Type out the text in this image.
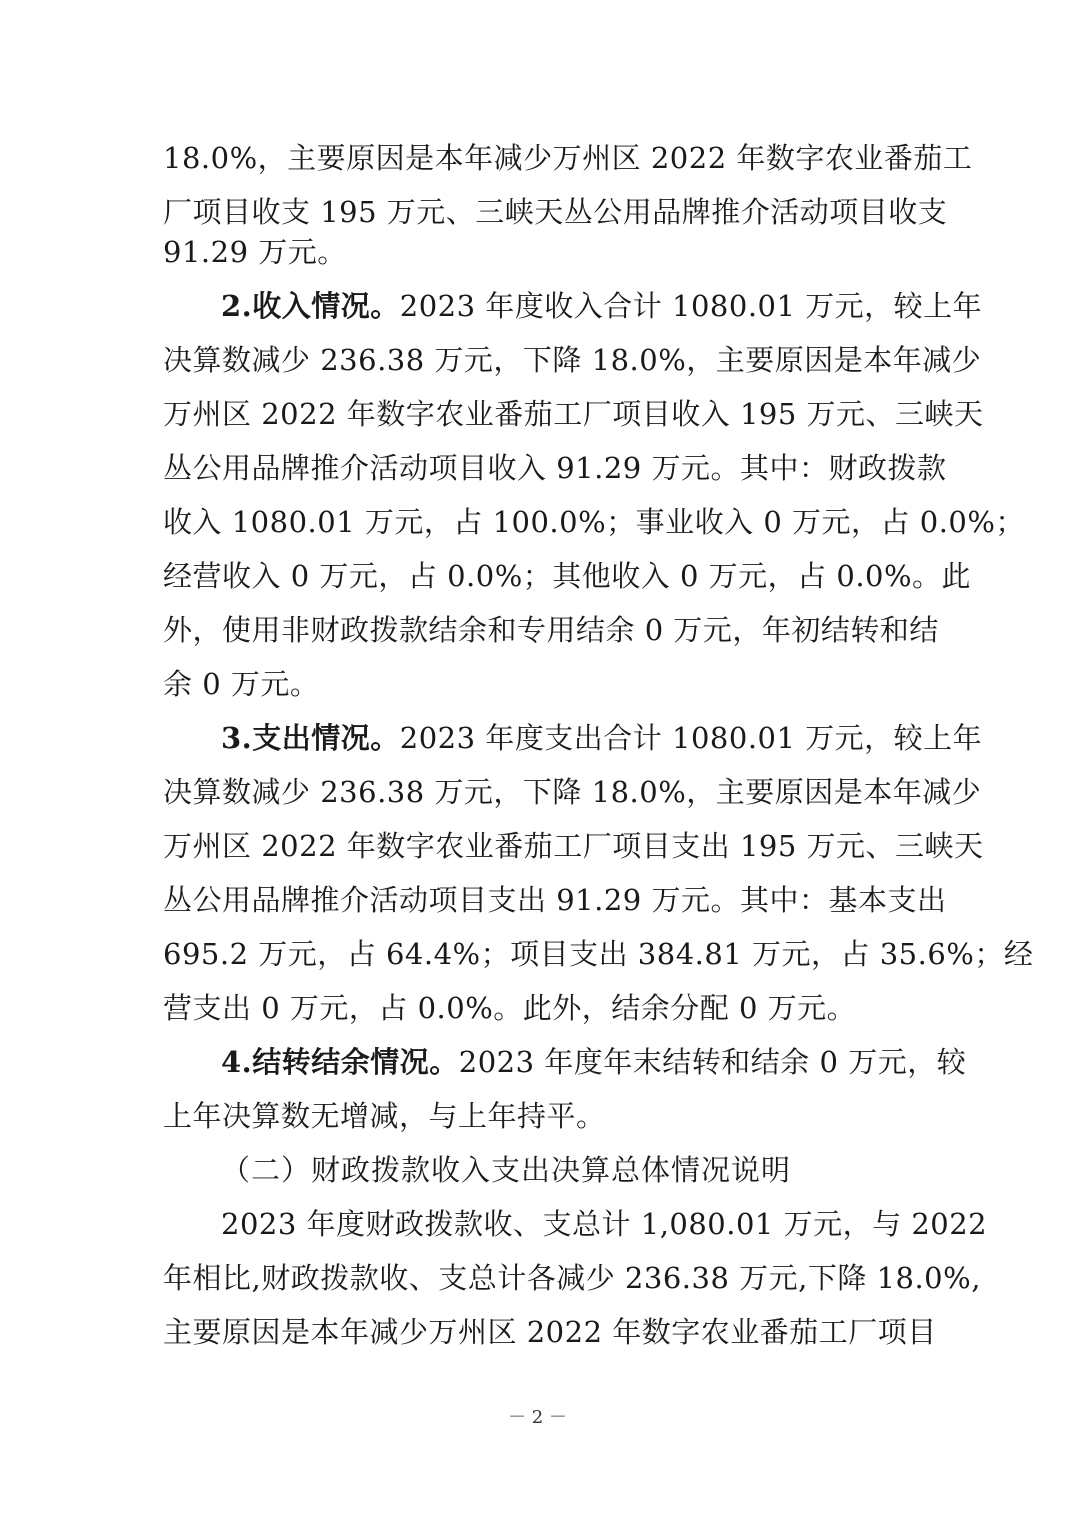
18.0%，主要原因是本年减少万州区 2022 年数字农业番茄工
厂项目收支 195 万元、三峡天丛公用品牌推介活动项目收支
91.29 万元。
2.收入情况。2023 年度收入合计 1080.01 万元，较上年
决算数减少 236.38 万元，下降 18.0%，主要原因是本年减少
万州区 2022 年数字农业番茄工厂项目收入 195 万元、三峡天
丛公用品牌推介活动项目收入 91.29 万元。其中：财政拨款
收入 1080.01 万元，占 100.0%；事业收入 0 万元，占 0.0%；
经营收入 0 万元，占 0.0%；其他收入 0 万元，占 0.0%。此
外，使用非财政拨款结余和专用结余 0 万元，年初结转和结
余 0 万元。
3.支出情况。2023 年度支出合计 1080.01 万元，较上年
决算数减少 236.38 万元，下降 18.0%，主要原因是本年减少
万州区 2022 年数字农业番茄工厂项目支出 195 万元、三峡天
丛公用品牌推介活动项目支出 91.29 万元。其中：基本支出
695.2 万元，占 64.4%；项目支出 384.81 万元，占 35.6%；经
营支出 0 万元，占 0.0%。此外，结余分配 0 万元。
4.结转结余情况。2023 年度年末结转和结余 0 万元，较
上年决算数无增减，与上年持平。
（二）财政拨款收入支出决算总体情况说明
2023 年度财政拨款收、支总计 1,080.01 万元，与 2022
年相比,财政拨款收、支总计各减少 236.38 万元,下降 18.0%,
主要原因是本年减少万州区 2022 年数字农业番茄工厂项目
－ 2 －
